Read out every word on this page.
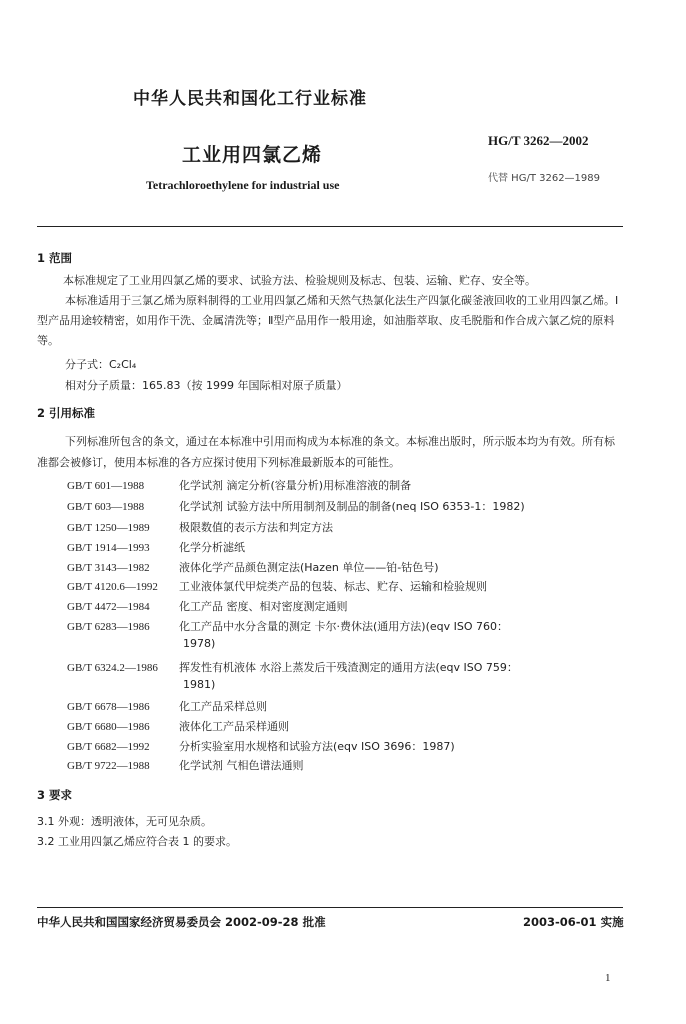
中华人民共和国化工行业标准
工业用四氯乙烯
Tetrachloroethylene for industrial use
HG/T 3262—2002
代替 HG/T 3262—1989
1 范围
本标准规定了工业用四氯乙烯的要求、试验方法、检验规则及标志、包装、运输、贮存、安全等。
本标准适用于三氯乙烯为原料制得的工业用四氯乙烯和天然气热氯化法生产四氯化碳釜液回收的工业用四氯乙烯。Ⅰ型产品用途较精密，如用作干洗、金属清洗等；Ⅱ型产品用作一般用途，如油脂萃取、皮毛脱脂和作合成六氯乙烷的原料等。
分子式：C₂Cl₄
相对分子质量：165.83（按 1999 年国际相对原子质量）
2 引用标准
下列标准所包含的条文，通过在本标准中引用而构成为本标准的条文。本标准出版时，所示版本均为有效。所有标准都会被修订，使用本标准的各方应探讨使用下列标准最新版本的可能性。
GB/T 601—1988	化学试剂 滴定分析(容量分析)用标准溶液的制备
GB/T 603—1988	化学试剂 试验方法中所用制剂及制品的制备(neq ISO 6353-1：1982)
GB/T 1250—1989	极限数值的表示方法和判定方法
GB/T 1914—1993	化学分析滤纸
GB/T 3143—1982	液体化学产品颜色测定法(Hazen 单位——铂-钴色号)
GB/T 4120.6—1992 工业液体氯代甲烷类产品的包装、标志、贮存、运输和检验规则
GB/T 4472—1984	化工产品 密度、相对密度测定通则
GB/T 6283—1986	化工产品中水分含量的测定 卡尔·费休法(通用方法)(eqv ISO 760：
1978)
GB/T 6324.2—1986 挥发性有机液体 水浴上蒸发后干残渣测定的通用方法(eqv ISO 759：
1981)
GB/T 6678—1986	化工产品采样总则
GB/T 6680—1986	液体化工产品采样通则
GB/T 6682—1992	分析实验室用水规格和试验方法(eqv ISO 3696：1987)
GB/T 9722—1988	化学试剂 气相色谱法通则
3 要求
3.1 外观：透明液体，无可见杂质。
3.2 工业用四氯乙烯应符合表 1 的要求。
中华人民共和国国家经济贸易委员会 2002-09-28 批准	2003-06-01 实施
1
